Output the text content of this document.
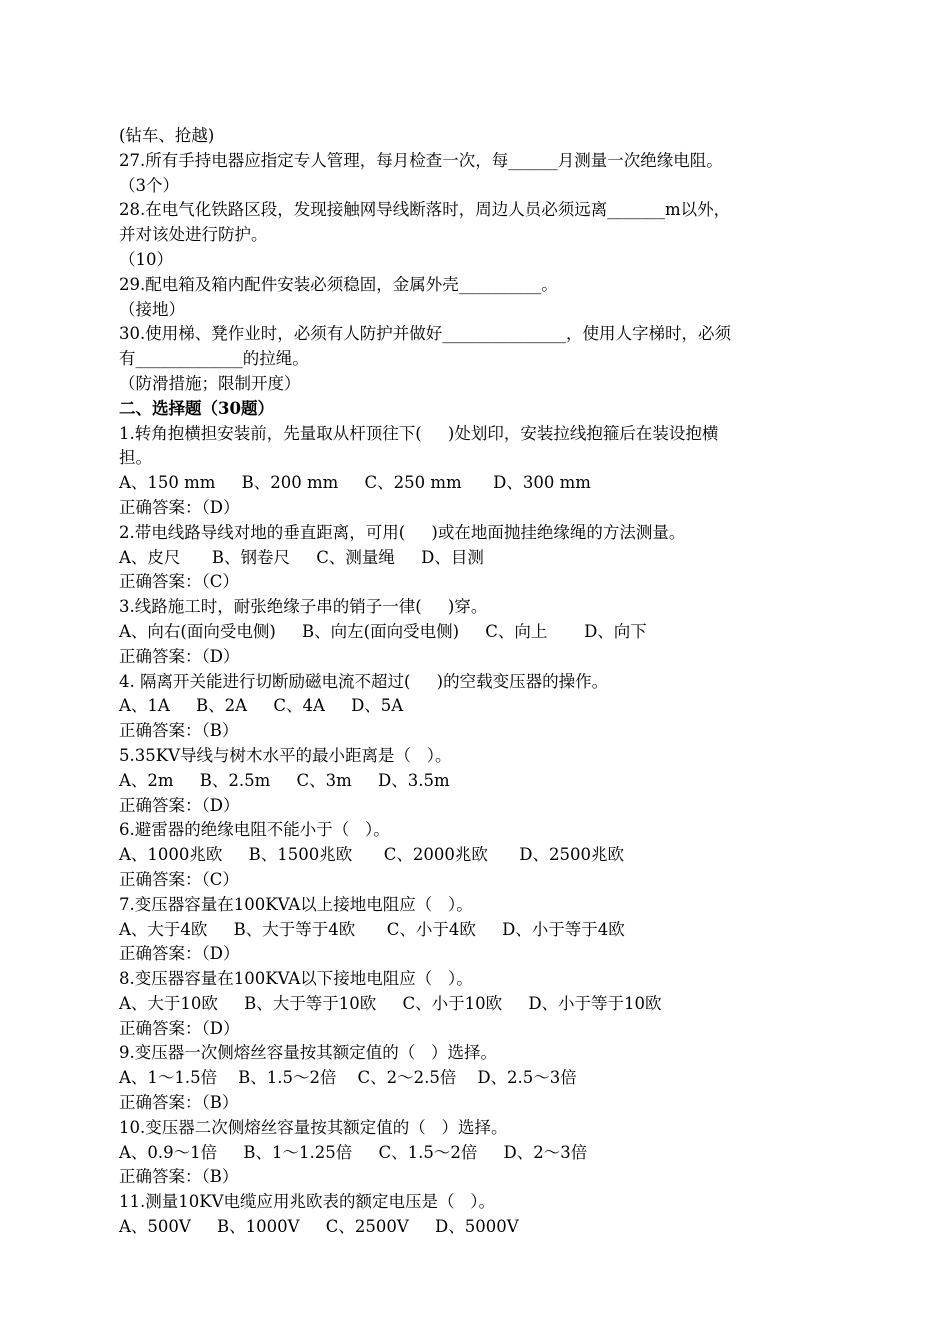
(钻车、抢越)
27.所有手持电器应指定专人管理，每月检查一次，每______月测量一次绝缘电阻。
（3个）
28.在电气化铁路区段，发现接触网导线断落时，周边人员必须远离_______m以外，
并对该处进行防护。
（10）
29.配电箱及箱内配件安装必须稳固，金属外壳__________。
（接地）
30.使用梯、凳作业时，必须有人防护并做好_______________，使用人字梯时，必须
有_____________的拉绳。
（防滑措施；限制开度）
二、选择题（30题）
1.转角抱横担安装前，先量取从杆顶往下(     )处划印，安装拉线抱箍后在装设抱横
担。
A、150 mm     B、200 mm     C、250 mm      D、300 mm
正确答案：（D）
2.带电线路导线对地的垂直距离，可用(     )或在地面抛挂绝缘绳的方法测量。
A、皮尺      B、钢卷尺     C、测量绳     D、目测
正确答案：（C）
3.线路施工时，耐张绝缘子串的销子一律(     )穿。
A、向右(面向受电侧)     B、向左(面向受电侧)     C、向上       D、向下
正确答案：（D）
4. 隔离开关能进行切断励磁电流不超过(     )的空载变压器的操作。
A、1A     B、2A     C、4A     D、5A
正确答案：（B）
5.35KV导线与树木水平的最小距离是（   ）。
A、2m     B、2.5m     C、3m     D、3.5m
正确答案：（D）
6.避雷器的绝缘电阻不能小于（   ）。
A、1000兆欧     B、1500兆欧      C、2000兆欧      D、2500兆欧
正确答案：（C）
7.变压器容量在100KVA以上接地电阻应（   ）。
A、大于4欧     B、大于等于4欧      C、小于4欧     D、小于等于4欧
正确答案：（D）
8.变压器容量在100KVA以下接地电阻应（   ）。
A、大于10欧     B、大于等于10欧     C、小于10欧     D、小于等于10欧
正确答案：（D）
9.变压器一次侧熔丝容量按其额定值的（   ）选择。
A、1～1.5倍    B、1.5～2倍    C、2～2.5倍    D、2.5～3倍
正确答案：（B）
10.变压器二次侧熔丝容量按其额定值的（   ）选择。
A、0.9～1倍     B、1～1.25倍     C、1.5～2倍     D、2～3倍
正确答案：（B）
11.测量10KV电缆应用兆欧表的额定电压是（   ）。
A、500V     B、1000V     C、2500V     D、5000V
